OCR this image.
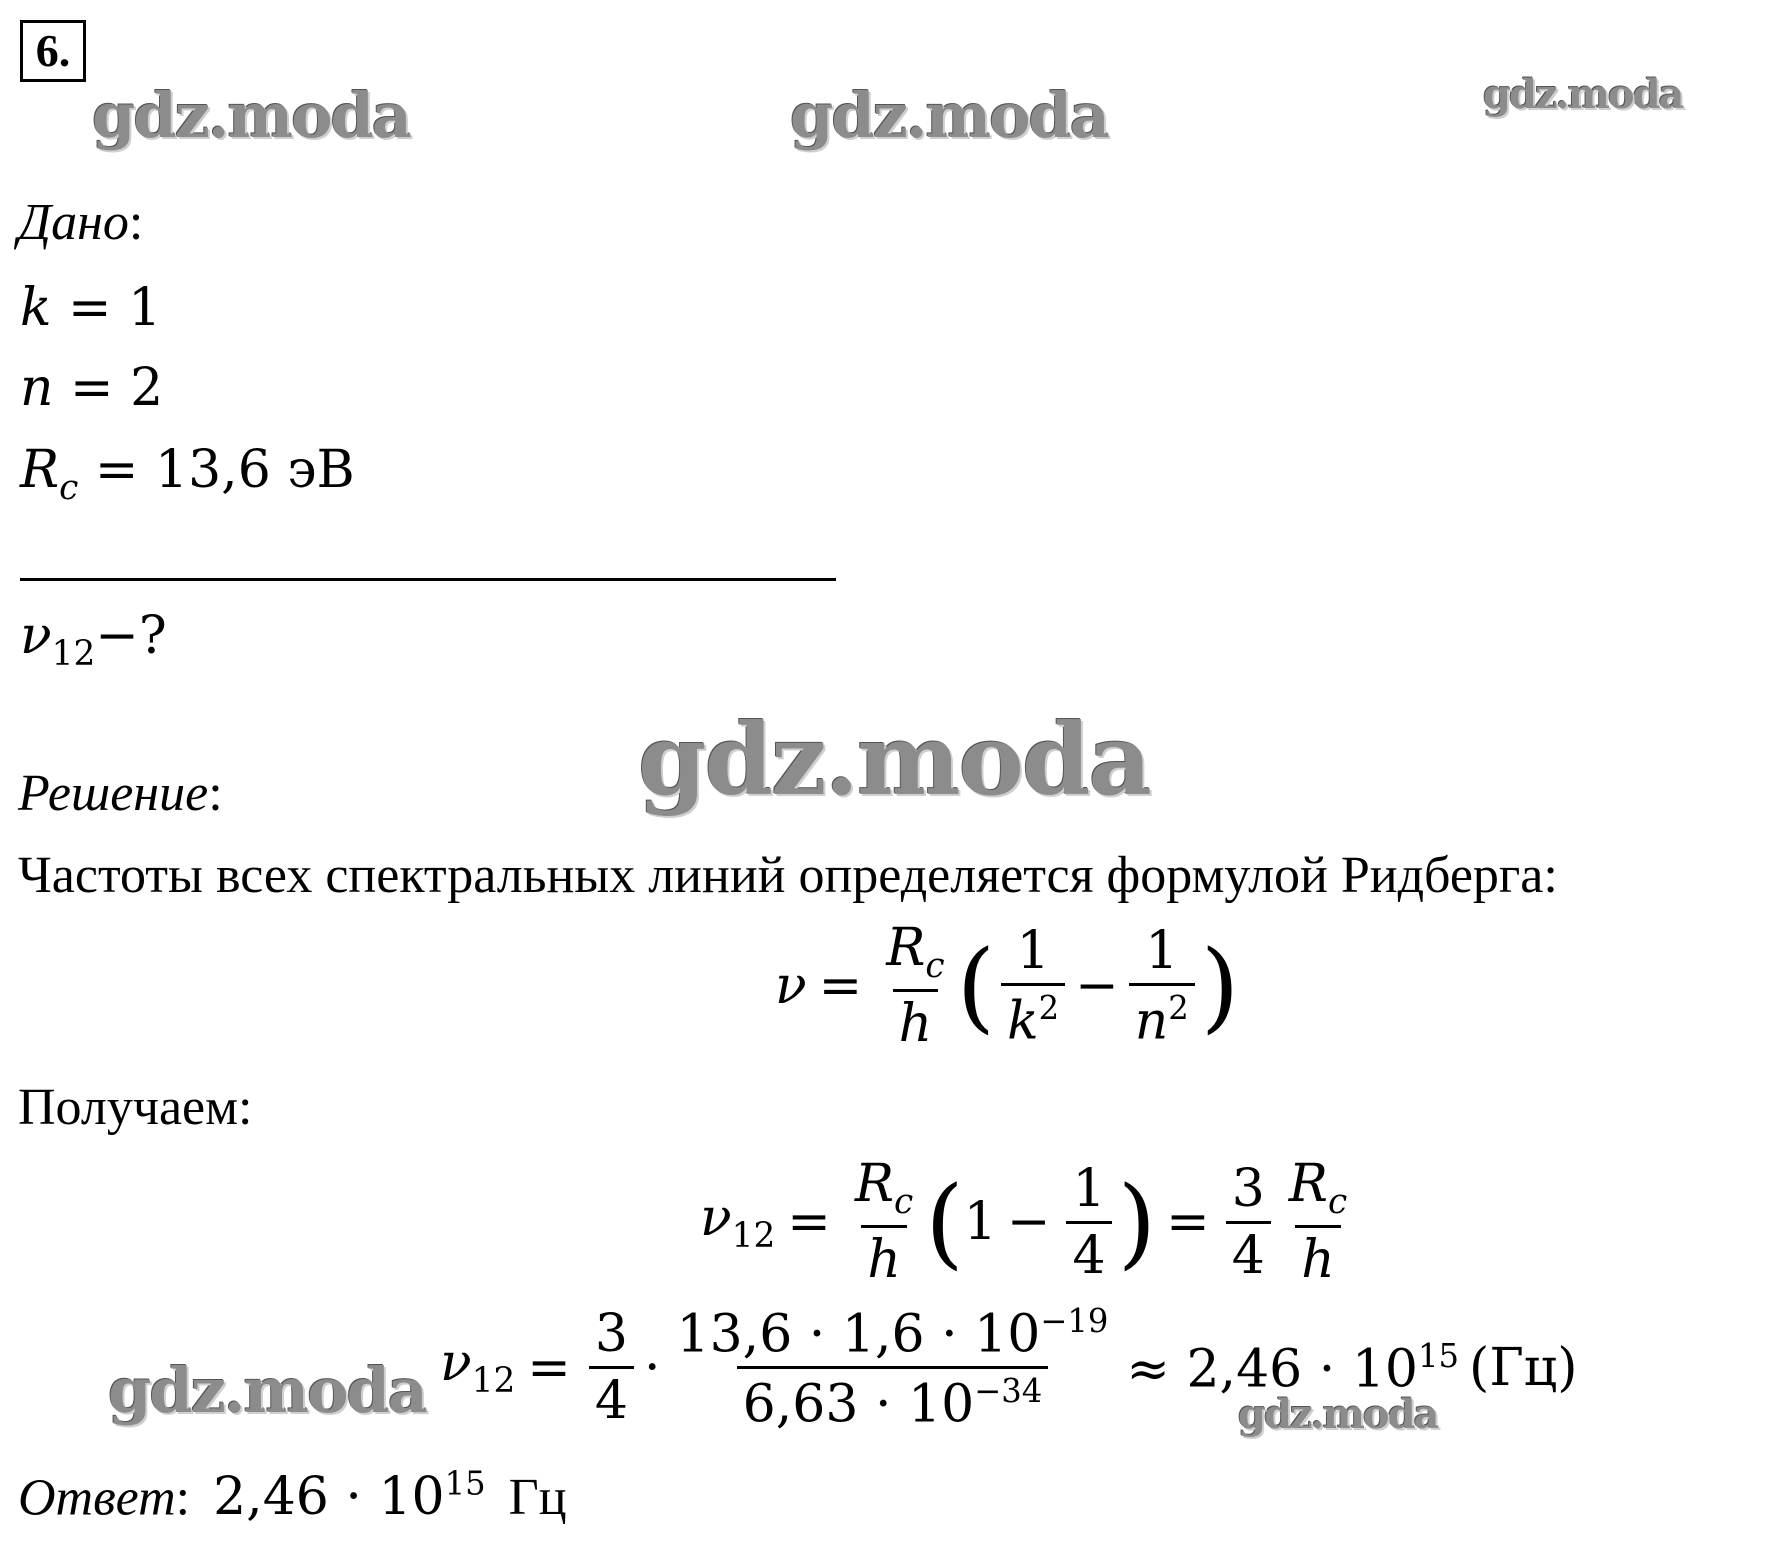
6.
gdz.moda	gdz.moda	gdz.moda
gdz.moda
gdz.moda	gdz.moda
Дано:
k = 1
n = 2
$R_c = 13,6$ эВ
$\nu_{12}-$?
Решение:
Частоты всех спектральных линий определяется формулой Ридберга:
$\nu = \frac{R_c}{h}$ ( $\frac{1}{k^2} - \frac{1}{n^2}$ )
Получаем:
$\nu_{12} = \frac{R_c}{h}$ ( $1 - \frac{1}{4}$ ) = $\frac{3}{4} \frac{R_c}{h}$
$\nu_{12} = \frac{3}{4} \cdot \frac{13,6 \cdot 1,6 \cdot 10^{-19}}{6,63 \cdot 10^{-34}} \approx 2,46 \cdot 10^{15}$ (Гц)
Ответ: $2,46 \cdot 10^{15}$ Гц
